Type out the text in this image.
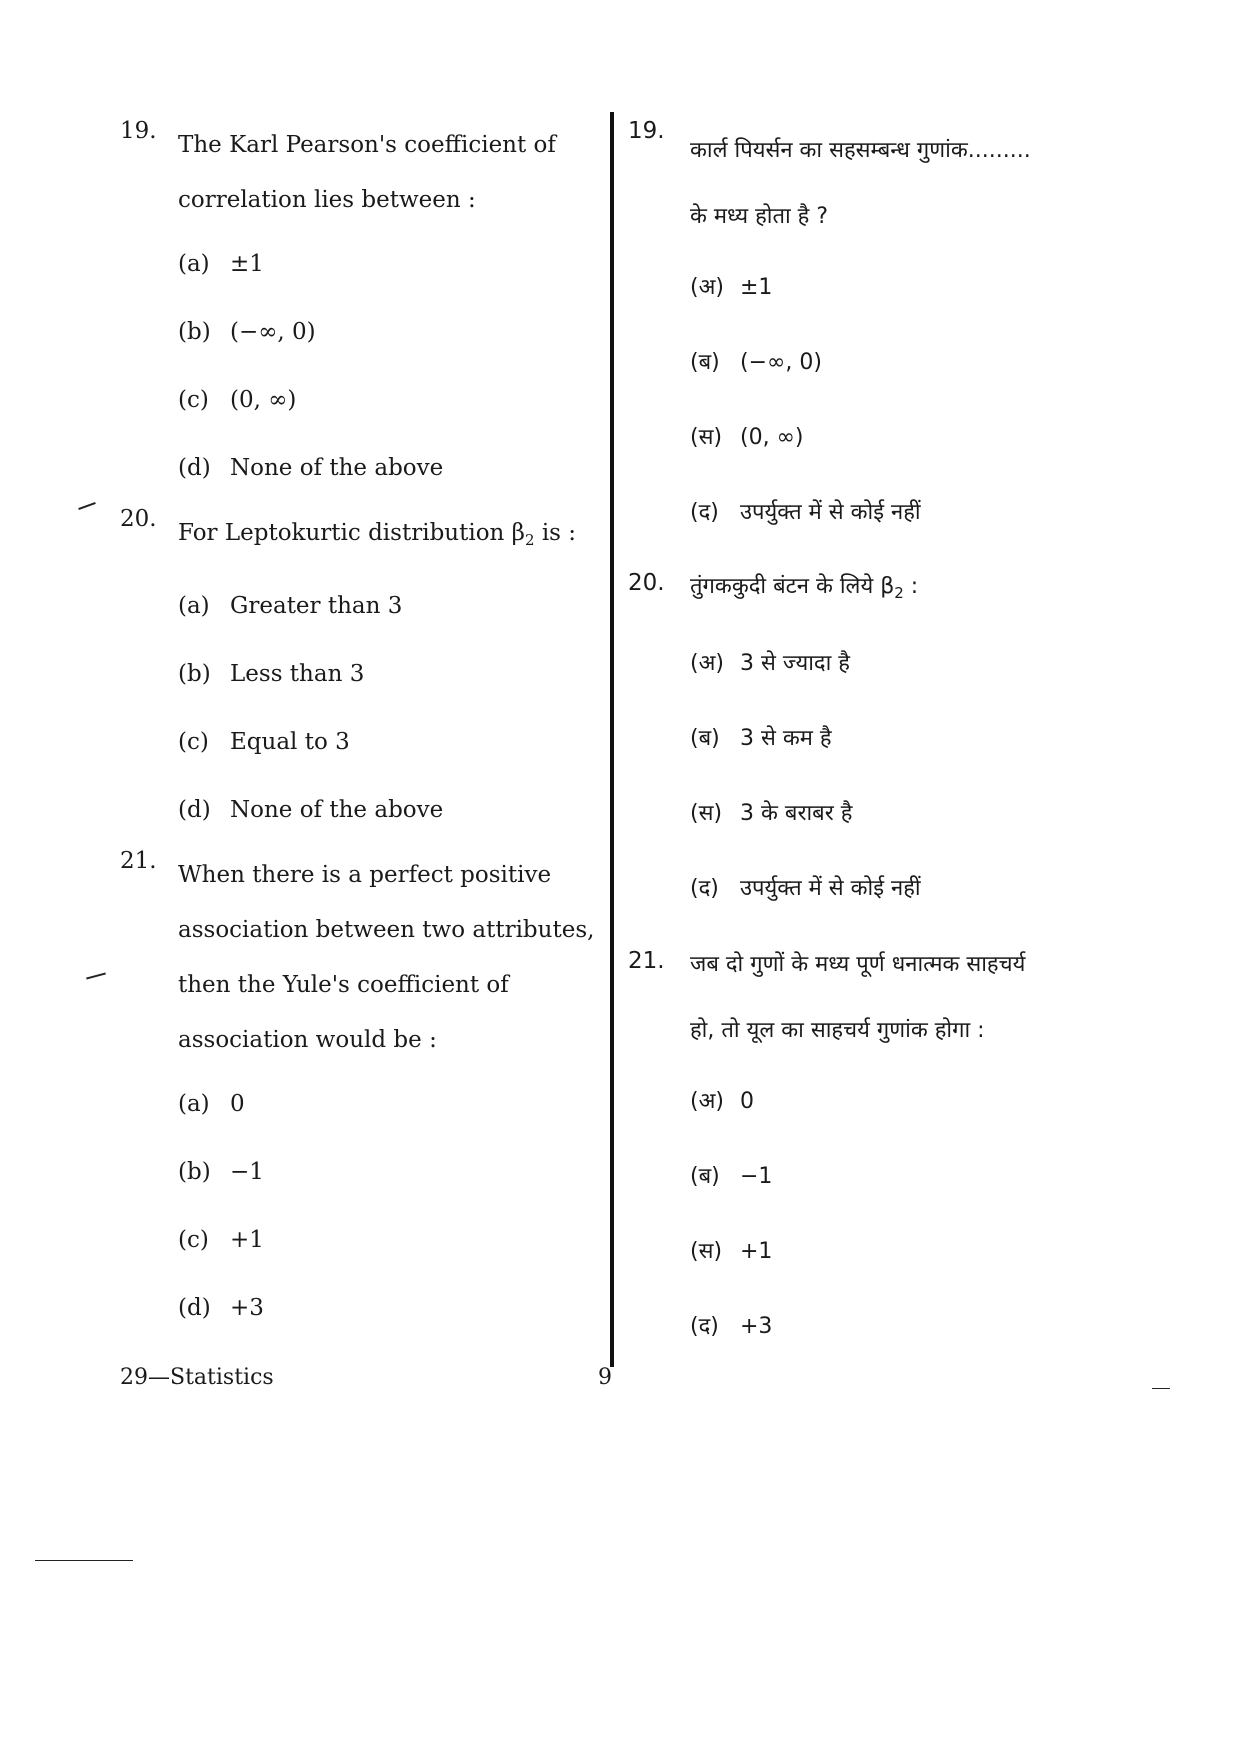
19.
The Karl Pearson's coefficient of
correlation lies between :
(a) ±1
(b) (−∞, 0)
(c) (0, ∞)
(d) None of the above
20.
For Leptokurtic distribution $\beta_2$ is :
(a) Greater than 3
(b) Less than 3
(c) Equal to 3
(d) None of the above
21.
When there is a perfect positive
association between two attributes,
then the Yule's coefficient of
association would be :
(a) 0
(b) −1
(c) +1
(d) +3
19.
कार्ल पियर्सन का सहसम्बन्ध गुणांक.........
के मध्य होता है ?
(अ) ±1
(ब) (−∞, 0)
(स) (0, ∞)
(द) उपर्युक्त में से कोई नहीं
20. तुंगककुदी बंटन के लिये $\beta_2$ :
(अ) 3 से ज्यादा है
(ब) 3 से कम है
(स) 3 के बराबर है
(द) उपर्युक्त में से कोई नहीं
21. जब दो गुणों के मध्य पूर्ण धनात्मक साहचर्य
हो, तो यूल का साहचर्य गुणांक होगा :
(अ) 0
(ब) −1
(स) +1
(द) +3
29—Statistics	9
